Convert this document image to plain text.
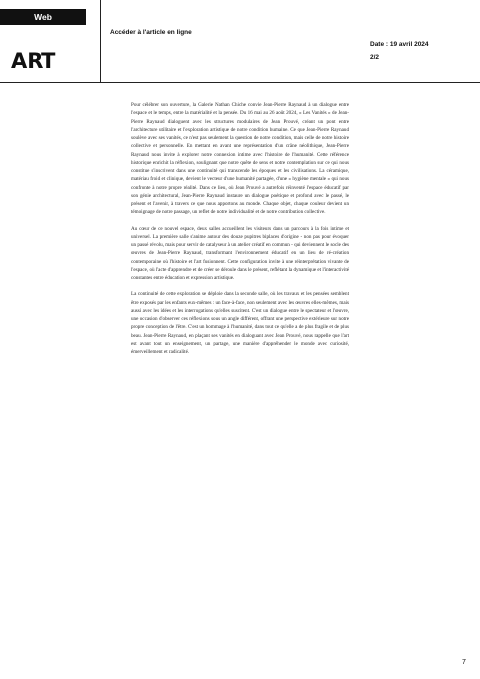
Web
ART
Accéder à l'article en ligne
Date : 19 avril 2024
2/2

Pour célébrer son ouverture, la Galerie Nathan Chiche convie Jean-Pierre Raynaud à un dialogue entre l'espace et le temps, entre la matérialité et la pensée. Du 16 mai au 26 août 2024, « Les Vanités » de Jean-Pierre Raynaud dialoguent avec les structures modulaires de Jean Prouvé, créant un pont entre l'architecture utilitaire et l'exploration artistique de notre condition humaine. Ce que Jean-Pierre Raynaud soulève avec ses vanités, ce n'est pas seulement la question de notre condition, mais celle de notre histoire collective et personnelle. En mettant en avant une représentation d'un crâne néolithique, Jean-Pierre Raynaud nous invite à explorer notre connexion intime avec l'histoire de l'humanité. Cette référence historique enrichit la réflexion, soulignant que notre quête de sens et notre contemplation sur ce qui nous constitue s'inscrivent dans une continuité qui transcende les époques et les civilisations. La céramique, matériau froid et clinique, devient le vecteur d'une humanité partagée, d'une « hygiène mentale » qui nous confronte à notre propre réalité. Dans ce lieu, où Jean Prouvé a autrefois réinventé l'espace éducatif par son génie architectural, Jean-Pierre Raynaud instaure un dialogue poétique et profond avec le passé, le présent et l'avenir, à travers ce que nous apportons au monde. Chaque objet, chaque couleur devient un témoignage de notre passage, un reflet de notre individualité et de notre contribution collective.

Au cœur de ce nouvel espace, deux salles accueillent les visiteurs dans un parcours à la fois intime et universel. La première salle s'anime autour des douze pupitres biplaces d'origine - non pas pour évoquer un passé révolu, mais pour servir de catalyseur à un atelier créatif en commun - qui deviennent le socle des œuvres de Jean-Pierre Raynaud, transformant l'environnement éducatif en un lieu de ré-création contemporaine où l'histoire et l'art fusionnent. Cette configuration invite à une réinterprétation vivante de l'espace, où l'acte d'apprendre et de créer se déroule dans le présent, reflétant la dynamique et l'interactivité constantes entre éducation et expression artistique.

La continuité de cette exploration se déploie dans la seconde salle, où les travaux et les pensées semblent être exposés par les enfants eux-mêmes : un face-à-face, non seulement avec les œuvres elles-mêmes, mais aussi avec les idées et les interrogations qu'elles suscitent. C'est un dialogue entre le spectateur et l'œuvre, une occasion d'observer ces réflexions sous un angle différent, offrant une perspective extérieure sur notre propre conception de l'être. C'est un hommage à l'humanité, dans tout ce qu'elle a de plus fragile et de plus beau. Jean-Pierre Raynaud, en plaçant ses vanités en dialoguant avec Jean Prouvé, nous rappelle que l'art est avant tout un enseignement, un partage, une manière d'appréhender le monde avec curiosité, émerveillement et radicalité.

7
